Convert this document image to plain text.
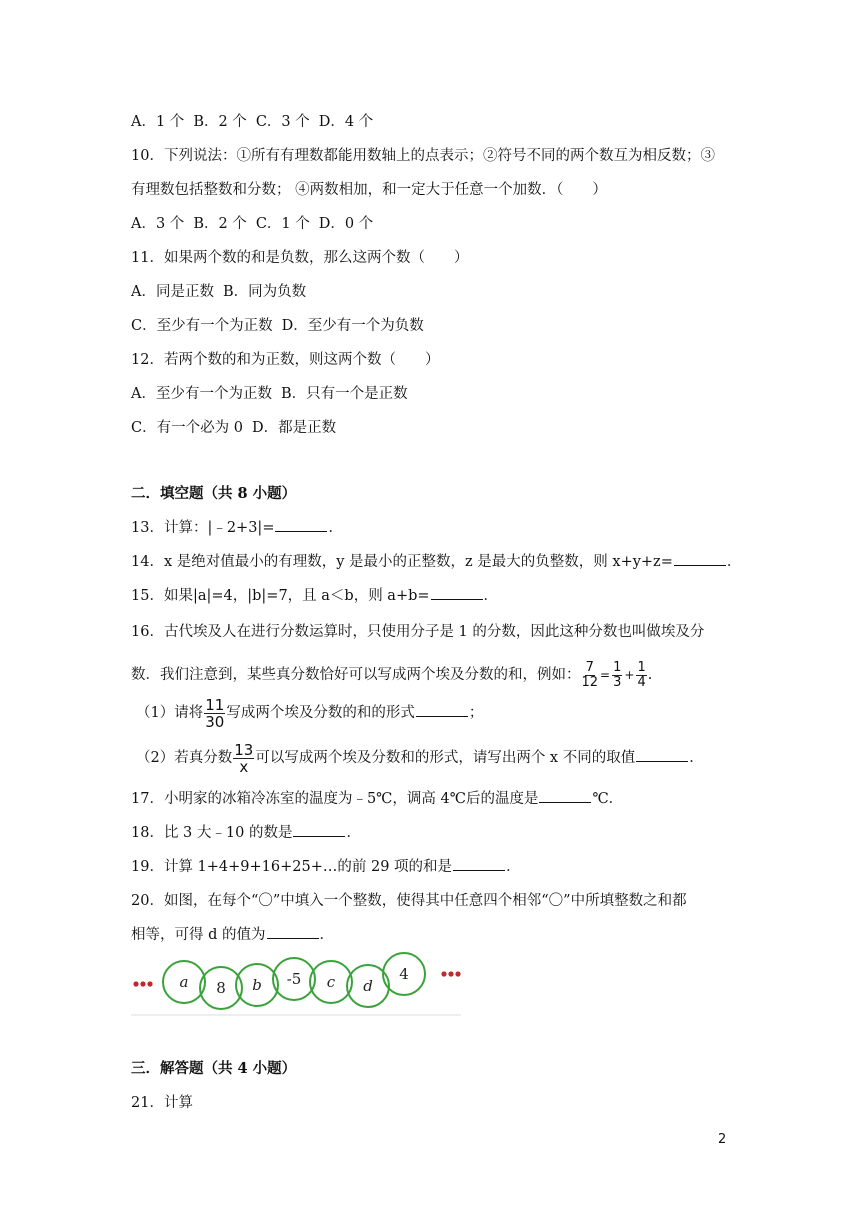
A．1 个 B．2 个 C．3 个 D．4 个
10．下列说法：①所有有理数都能用数轴上的点表示；②符号不同的两个数互为相反数；③
有理数包括整数和分数； ④两数相加，和一定大于任意一个加数．（　　）
A．3 个 B．2 个 C．1 个 D．0 个
11．如果两个数的和是负数，那么这两个数（　　）
A．同是正数 B．同为负数
C．至少有一个为正数 D．至少有一个为负数
12．若两个数的和为正数，则这两个数（　　）
A．至少有一个为正数 B．只有一个是正数
C．有一个必为 0 D．都是正数
二．填空题（共 8 小题）
13．计算：|﹣2+3|=	．
14．x 是绝对值最小的有理数，y 是最小的正整数，z 是最大的负整数，则 x+y+z=	．
15．如果|a|=4，|b|=7，且 a＜b，则 a+b=	．
16．古代埃及人在进行分数运算时，只使用分子是 1 的分数，因此这种分数也叫做埃及分
数．我们注意到，某些真分数恰好可以写成两个埃及分数的和，例如： $\frac{7}{12} = \frac{1}{3} + \frac{1}{4}$ .
（1）请将 $\frac{11}{30}$ 写成两个埃及分数的和的形式	；
（2）若真分数 $\frac{13}{x}$ 可以写成两个埃及分数和的形式，请写出两个 x 不同的取值	．
17．小明家的冰箱冷冻室的温度为﹣5℃，调高 4℃后的温度是	℃．
18．比 3 大﹣10 的数是	．
19．计算 1+4+9+16+25+…的前 29 项的和是	．
20．如图，在每个“〇”中填入一个整数，使得其中任意四个相邻“〇”中所填整数之和都
相等，可得 d 的值为	．
a 8 b -5 c d
4
三．解答题（共 4 小题）
21．计算
2
